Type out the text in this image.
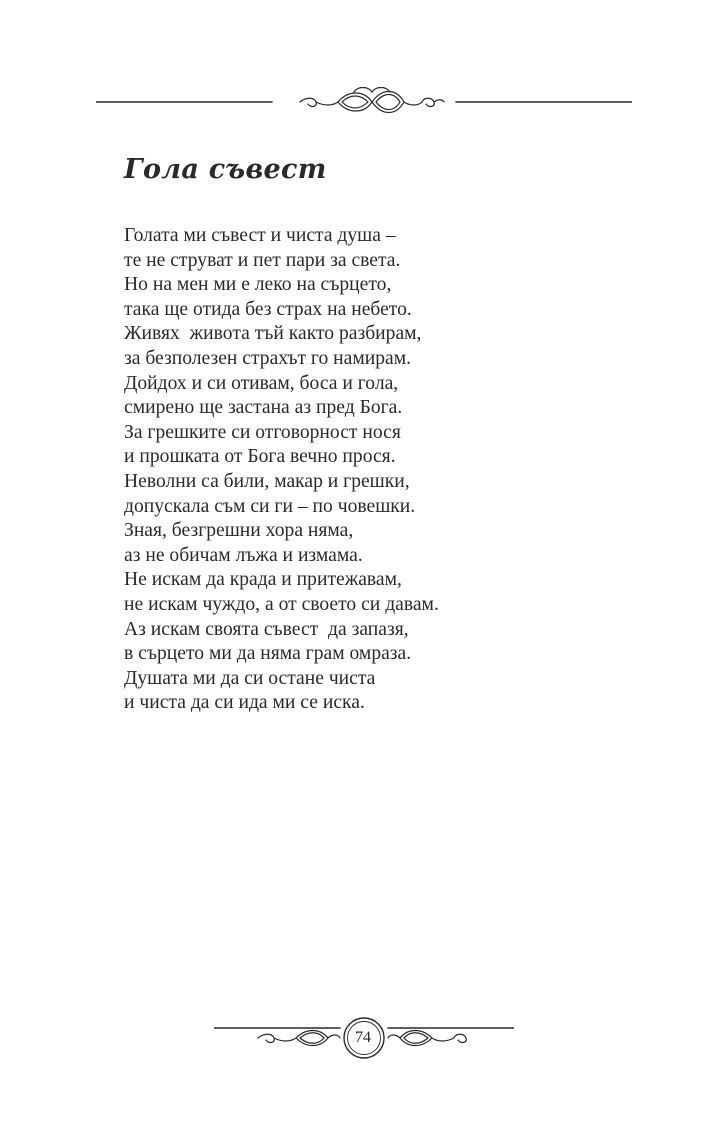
Гола съвест
Голата ми съвест и чиста душа –
те не струват и пет пари за света.
Но на мен ми е леко на сърцето,
така ще отида без страх на небето.
Живях  живота тъй както разбирам,
за безполезен страхът го намирам.
Дойдох и си отивам, боса и гола,
смирено ще застана аз пред Бога.
За грешките си отговорност нося
и прошката от Бога вечно прося.
Неволни са били, макар и грешки,
допускала съм си ги – по човешки.
Зная, безгрешни хора няма,
аз не обичам лъжа и измама.
Не искам да крада и притежавам,
не искам чуждо, а от своето си давам.
Аз искам своята съвест  да запазя,
в сърцето ми да няма грам омраза.
Душата ми да си остане чиста
и чиста да си ида ми се иска.
74
